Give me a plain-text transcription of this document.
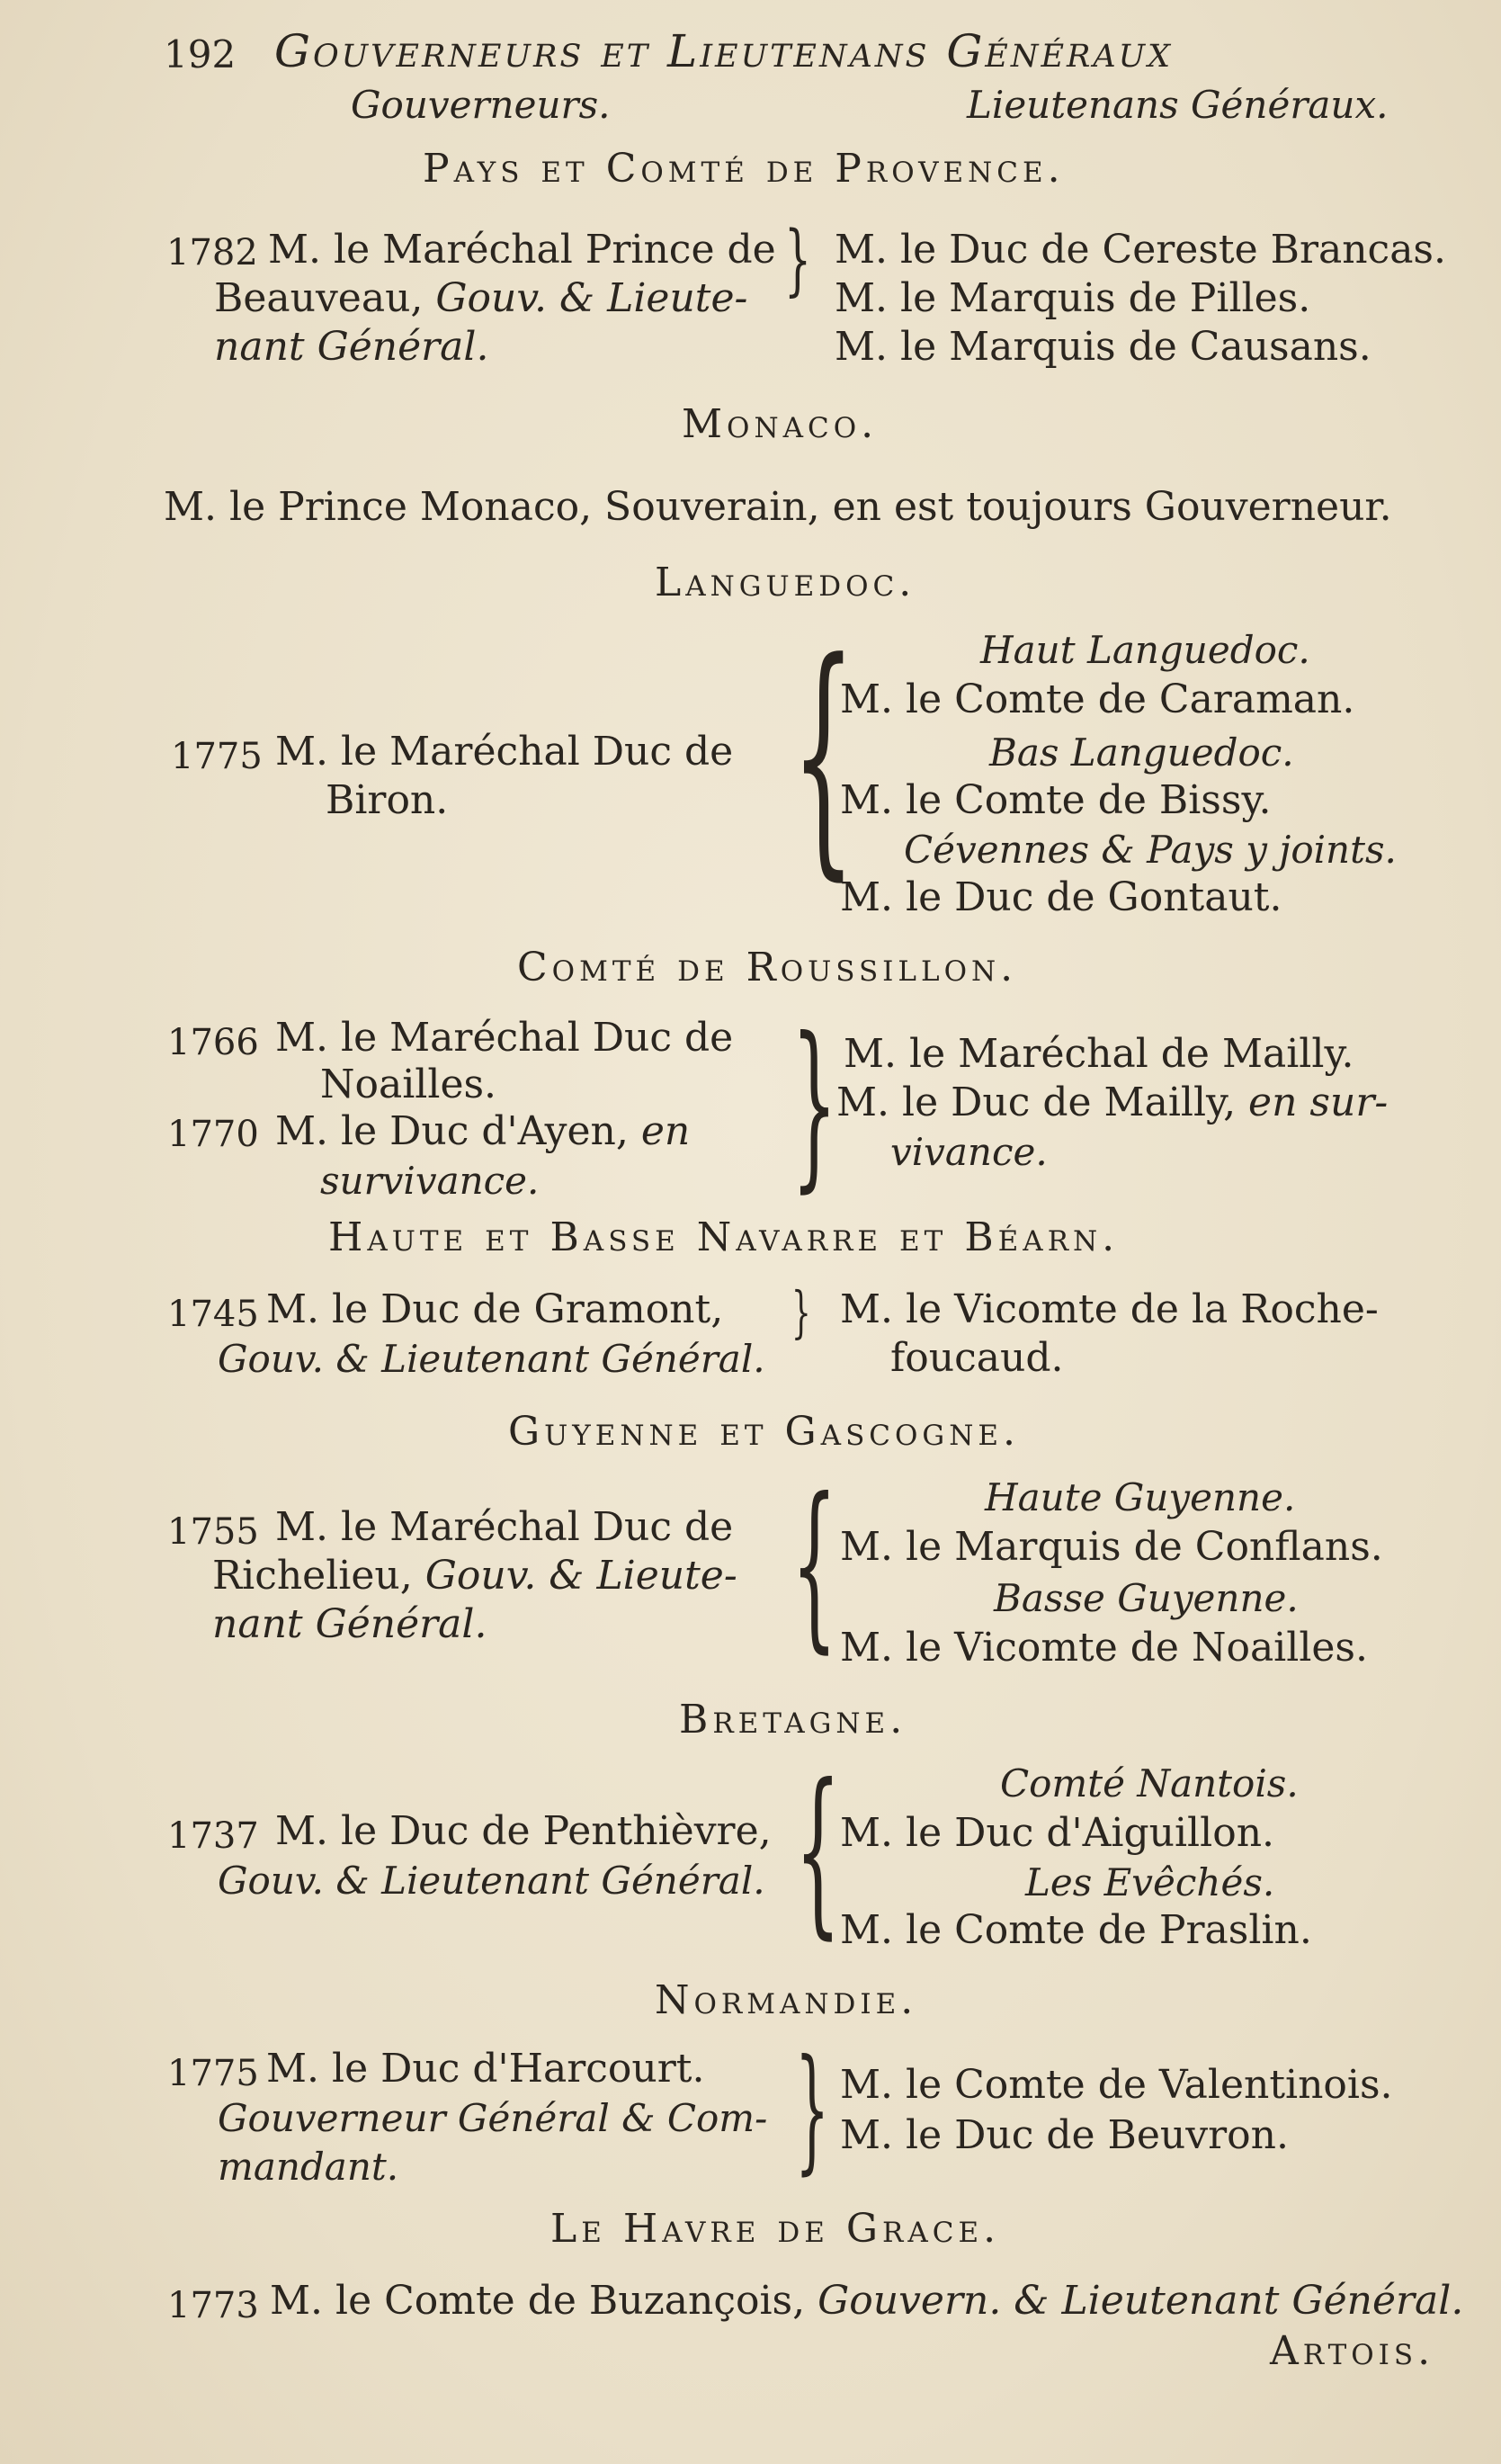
192 Gouverneurs et Lieutenans Généraux
Gouverneurs.	Lieutenans Généraux.
Pays et Comté de Provence.
1782 M. le Maréchal Prince de
Beauveau, Gouv. & Lieute-
nant Général.
} M. le Duc de Cereste Brancas.
M. le Marquis de Pilles.
M. le Marquis de Causans.
Monaco.
M. le Prince Monaco, Souverain, en est toujours Gouverneur.
Languedoc.
Haut Languedoc.
M. le Comte de Caraman.
1775 M. le Maréchal Duc de
Biron.
Bas Languedoc.
M. le Comte de Bissy.
Cévennes & Pays y joints.
M. le Duc de Gontaut.
{
Comté de Roussillon.
1766 M. le Maréchal Duc de
Noailles.
1770 M. le Duc d'Ayen, en
survivance. } M. le Maréchal de Mailly.
M. le Duc de Mailly, en sur-
vivance.
Haute et Basse Navarre et Béarn.
1745 M. le Duc de Gramont,
Gouv. & Lieutenant Général.
} M. le Vicomte de la Roche-
foucaud.
Guyenne et Gascogne.
Haute Guyenne.
1755 M. le Maréchal Duc de
Richelieu, Gouv. & Lieute-
nant Général. { M. le Marquis de Conflans.
Basse Guyenne.
M. le Vicomte de Noailles.
Bretagne.
Comté Nantois.
1737 M. le Duc de Penthièvre,
Gouv. & Lieutenant Général. { M. le Duc d'Aiguillon.
Les Evêchés.
M. le Comte de Praslin.
Normandie.
1775 M. le Duc d'Harcourt.
Gouverneur Général & Com-
mandant.	} M. le Comte de Valentinois.
M. le Duc de Beuvron.
Le Havre de Grace.
1773 M. le Comte de Buzançois, Gouvern. & Lieutenant Général.
Artois.
